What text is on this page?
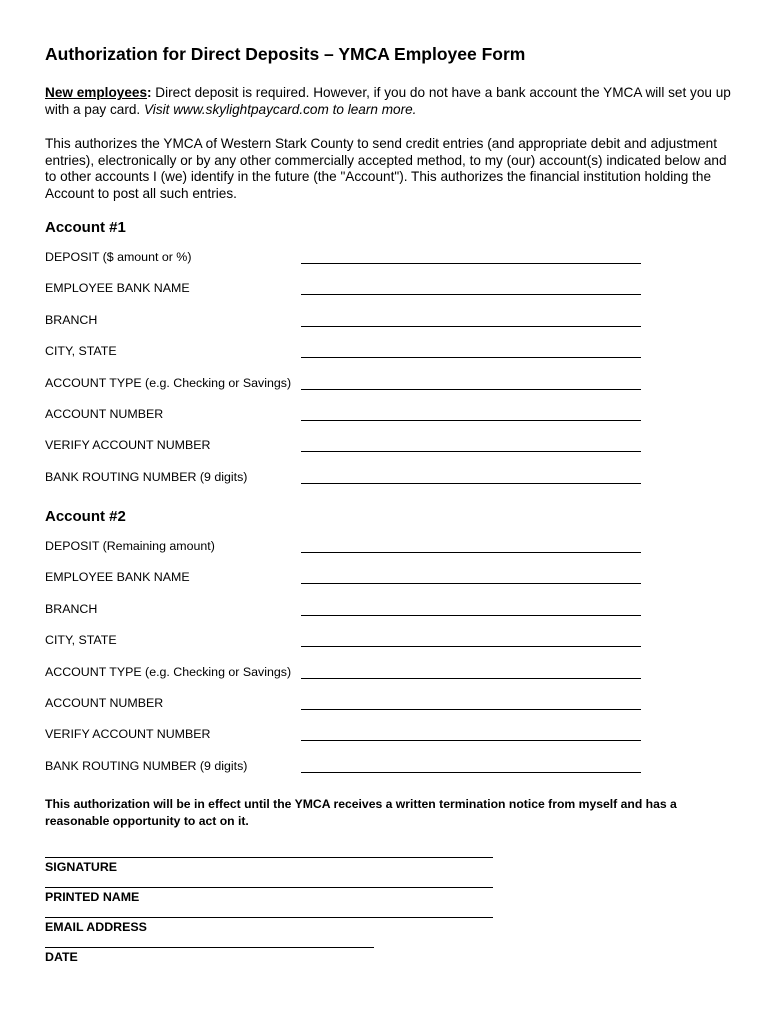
Authorization for Direct Deposits – YMCA Employee Form

New employees: Direct deposit is required. However, if you do not have a bank account the YMCA will set you up with a pay card. Visit www.skylightpaycard.com to learn more.

This authorizes the YMCA of Western Stark County to send credit entries (and appropriate debit and adjustment entries), electronically or by any other commercially accepted method, to my (our) account(s) indicated below and to other accounts I (we) identify in the future (the "Account"). This authorizes the financial institution holding the Account to post all such entries.

Account #1
DEPOSIT ($ amount or %)
EMPLOYEE BANK NAME
BRANCH
CITY, STATE
ACCOUNT TYPE (e.g. Checking or Savings)
ACCOUNT NUMBER
VERIFY ACCOUNT NUMBER
BANK ROUTING NUMBER (9 digits)
Account #2
DEPOSIT (Remaining amount)
EMPLOYEE BANK NAME
BRANCH
CITY, STATE
ACCOUNT TYPE (e.g. Checking or Savings)
ACCOUNT NUMBER
VERIFY ACCOUNT NUMBER
BANK ROUTING NUMBER (9 digits)

This authorization will be in effect until the YMCA receives a written termination notice from myself and has a reasonable opportunity to act on it.

SIGNATURE
PRINTED NAME
EMAIL ADDRESS
DATE
